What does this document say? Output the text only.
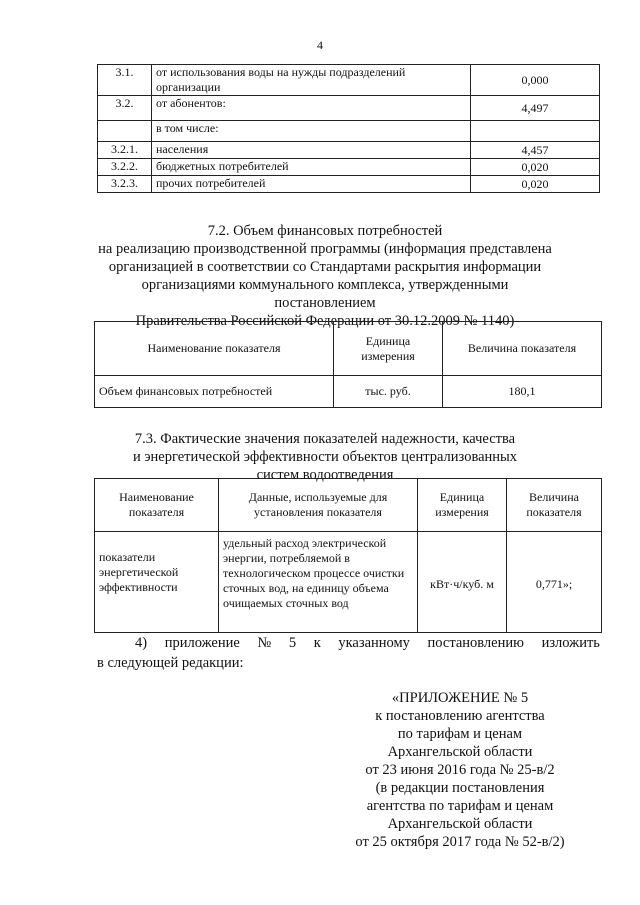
4
3.1.	от использования воды на нужды подразделений организации	0,000
3.2.	от абонентов:	4,497
	в том числе:	
3.2.1.	населения	4,457
3.2.2.	бюджетных потребителей	0,020
3.2.3.	прочих потребителей	0,020
7.2. Объем финансовых потребностей
на реализацию производственной программы (информация представлена
организацией в соответствии со Стандартами раскрытия информации
организациями коммунального комплекса, утвержденными постановлением
Правительства Российской Федерации от 30.12.2009 № 1140)
Наименование показателя	Единица измерения	Величина показателя
Объем финансовых потребностей	тыс. руб.	180,1
7.3. Фактические значения показателей надежности, качества
и энергетической эффективности объектов централизованных
систем водоотведения
Наименование показателя	Данные, используемые для установления показателя	Единица измерения	Величина показателя
показатели энергетической эффективности	удельный расход электрической энергии, потребляемой в технологическом процессе очистки сточных вод, на единицу объема очищаемых сточных вод	кВт·ч/куб. м	0,771»;
4) приложение № 5 к указанному постановлению изложить
в следующей редакции:
«ПРИЛОЖЕНИЕ № 5
к постановлению агентства
по тарифам и ценам
Архангельской области
от 23 июня 2016 года № 25-в/2
(в редакции постановления
агентства по тарифам и ценам
Архангельской области
от 25 октября 2017 года № 52-в/2)
